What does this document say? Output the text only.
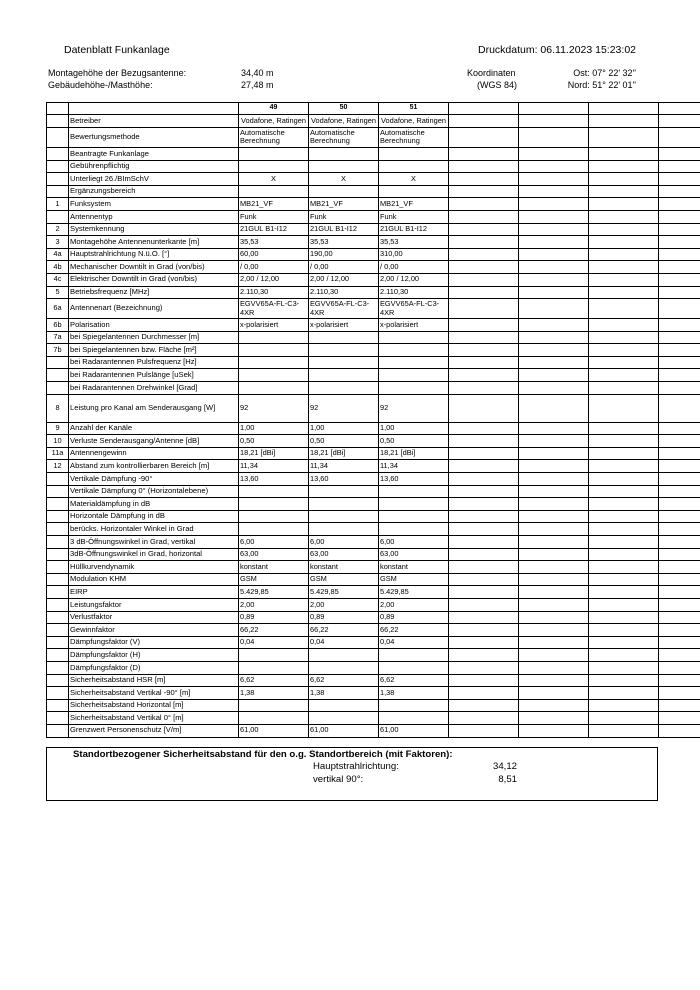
Datenblatt Funkanlage	Druckdatum: 06.11.2023 15:23:02
Montagehöhe der Bezugsantenne:	34,40 m
Gebäudehöhe-/Masthöhe:	27,48 m
Koordinaten
(WGS 84)
Ost: 07° 22' 32''
Nord: 51° 22' 01''
		49	50	51				
	Betreiber	Vodafone, Ratingen	Vodafone, Ratingen	Vodafone, Ratingen				
	Bewertungsmethode	Automatische Berechnung	Automatische Berechnung	Automatische Berechnung				
	Beantragte Funkanlage							
	Gebührenpflichtig							
	Unterliegt 26./BImSchV	X	X	X				
	Ergänzungsbereich							
1	Funksystem	MB21_VF	MB21_VF	MB21_VF				
	Antennentyp	Funk	Funk	Funk				
2	Systemkennung	21GUL B1-I12	21GUL B1-I12	21GUL B1-I12				
3	Montagehöhe Antennenunterkante [m]	35,53	35,53	35,53				
4a	Hauptstrahlrichtung N.ü.O. [°]	60,00	190,00	310,00				
4b	Mechanischer Downtilt in Grad (von/bis)	/ 0,00	/ 0,00	/ 0,00				
4c	Elektrischer Downtilt in Grad (von/bis)	2,00 / 12,00	2,00 / 12,00	2,00 / 12,00				
5	Betriebsfrequenz [MHz]	2.110,30	2.110,30	2.110,30				
6a	Antennenart (Bezeichnung)	EGVV65A-FL-C3-4XR	EGVV65A-FL-C3-4XR	EGVV65A-FL-C3-4XR				
6b	Polarisation	x-polarisiert	x-polarisiert	x-polarisiert				
7a	bei Spiegelantennen Durchmesser [m]							
7b	bei Spiegelantennen bzw. Fläche [m²]							
	bei Radarantennen Pulsfrequenz [Hz]							
	bei Radarantennen Pulslänge [uSek]							
	bei Radarantennen Drehwinkel [Grad]							
8	Leistung pro Kanal am Senderausgang [W]	92	92	92				
9	Anzahl der Kanäle	1,00	1,00	1,00				
10	Verluste Senderausgang/Antenne [dB]	0,50	0,50	0,50				
11a	Antennengewinn	18,21 [dBi]	18,21 [dBi]	18,21 [dBi]				
12	Abstand zum kontrollierbaren Bereich [m]	11,34	11,34	11,34				
	Vertikale Dämpfung -90°	13,60	13,60	13,60				
	Vertikale Dämpfung 0° (Horizontalebene)							
	Materialdämpfung in dB							
	Horizontale Dämpfung in dB							
	berücks. Horizontaler Winkel in Grad							
	3 dB-Öffnungswinkel in Grad, vertikal	6,00	6,00	6,00				
	3dB-Öffnungswinkel in Grad, horizontal	63,00	63,00	63,00				
	Hüllkurvendynamik	konstant	konstant	konstant				
	Modulation KHM	GSM	GSM	GSM				
	EIRP	5.429,85	5.429,85	5.429,85				
	Leistungsfaktor	2,00	2,00	2,00				
	Verlustfaktor	0,89	0,89	0,89				
	Gewinnfaktor	66,22	66,22	66,22				
	Dämpfungsfaktor (V)	0,04	0,04	0,04				
	Dämpfungsfaktor (H)							
	Dämpfungsfaktor (D)							
	Sicherheitsabstand HSR [m]	6,62	6,62	6,62				
	Sicherheitsabstand Vertikal -90° [m]	1,38	1,38	1,38				
	Sicherheitsabstand Horizontal [m]							
	Sicherheitsabstand Vertikal 0° [m]							
	Grenzwert Personenschutz [V/m]	61,00	61,00	61,00				
Standortbezogener Sicherheitsabstand für den o.g. Standortbereich (mit Faktoren):
Hauptstrahlrichtung:	34,12
vertikal 90°:	8,51
